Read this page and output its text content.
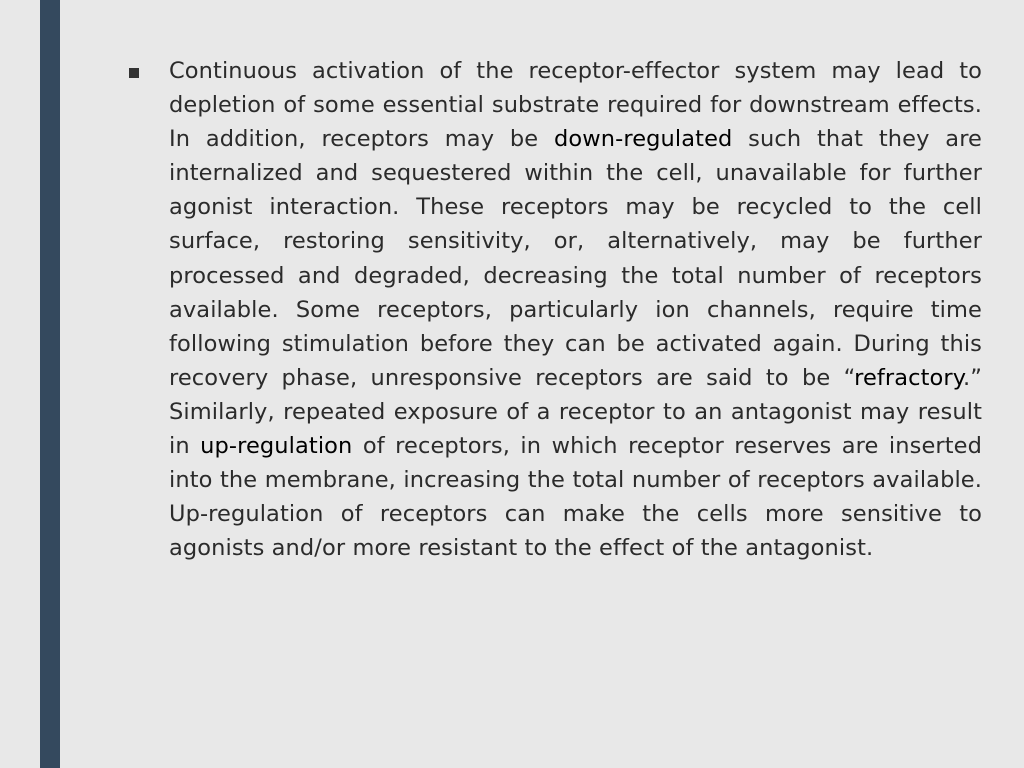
Continuous activation of the receptor-effector system may lead to depletion of some essential substrate required for downstream effects. In addition, receptors may be down-regulated such that they are internalized and sequestered within the cell, unavailable for further agonist interaction. These receptors may be recycled to the cell surface, restoring sensitivity, or, alternatively, may be further processed and degraded, decreasing the total number of receptors available. Some receptors, particularly ion channels, require time following stimulation before they can be activated again. During this recovery phase, unresponsive receptors are said to be “refractory.” Similarly, repeated exposure of a receptor to an antagonist may result in up-regulation of receptors, in which receptor reserves are inserted into the membrane, increasing the total number of receptors available. Up-regulation of receptors can make the cells more sensitive to agonists and/or more resistant to the effect of the antagonist.
